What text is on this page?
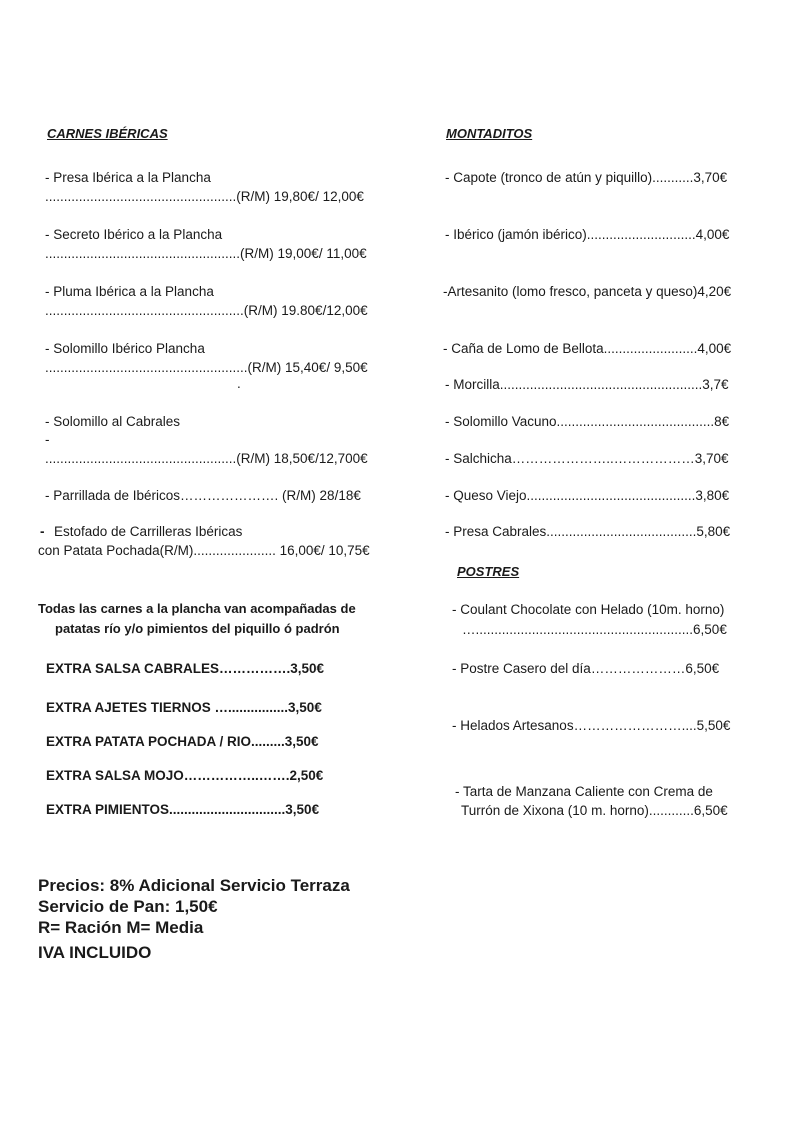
CARNES IBÉRICAS
- Presa Ibérica a la Plancha
...................................................(R/M) 19,80€/ 12,00€
- Secreto Ibérico a la Plancha
....................................................(R/M) 19,00€/ 11,00€
- Pluma Ibérica a la Plancha
.....................................................(R/M) 19.80€/12,00€
- Solomillo Ibérico Plancha
......................................................(R/M) 15,40€/ 9,50€
.
- Solomillo al Cabrales
-
...................................................(R/M) 18,50€/12,700€
- Parrillada de Ibéricos…………………. (R/M) 28/18€
- Estofado de Carrilleras Ibéricas
con Patata Pochada(R/M)...................... 16,00€/ 10,75€
Todas las carnes a la plancha van acompañadas de
patatas río y/o pimientos del piquillo ó padrón
EXTRA SALSA CABRALES…………….3,50€
EXTRA AJETES TIERNOS …................3,50€
EXTRA PATATA POCHADA / RIO.........3,50€
EXTRA SALSA MOJO……………..…….2,50€
EXTRA PIMIENTOS...............................3,50€
Precios: 8% Adicional Servicio Terraza
Servicio de Pan: 1,50€
R= Ración M= Media
IVA INCLUIDO
MONTADITOS
- Capote (tronco de atún y piquillo)...........3,70€
- Ibérico (jamón ibérico).............................4,00€
-Artesanito (lomo fresco, panceta y queso)4,20€
- Caña de Lomo de Bellota.........................4,00€
- Morcilla......................................................3,7€
- Solomillo Vacuno..........................................8€
- Salchicha…………………..………………3,70€
- Queso Viejo.............................................3,80€
- Presa Cabrales........................................5,80€
POSTRES
- Coulant Chocolate con Helado (10m. horno)
…..........................................................6,50€
- Postre Casero del día…………………6,50€
- Helados Artesanos……………………....5,50€
- Tarta de Manzana Caliente con Crema de
Turrón de Xixona (10 m. horno)............6,50€
